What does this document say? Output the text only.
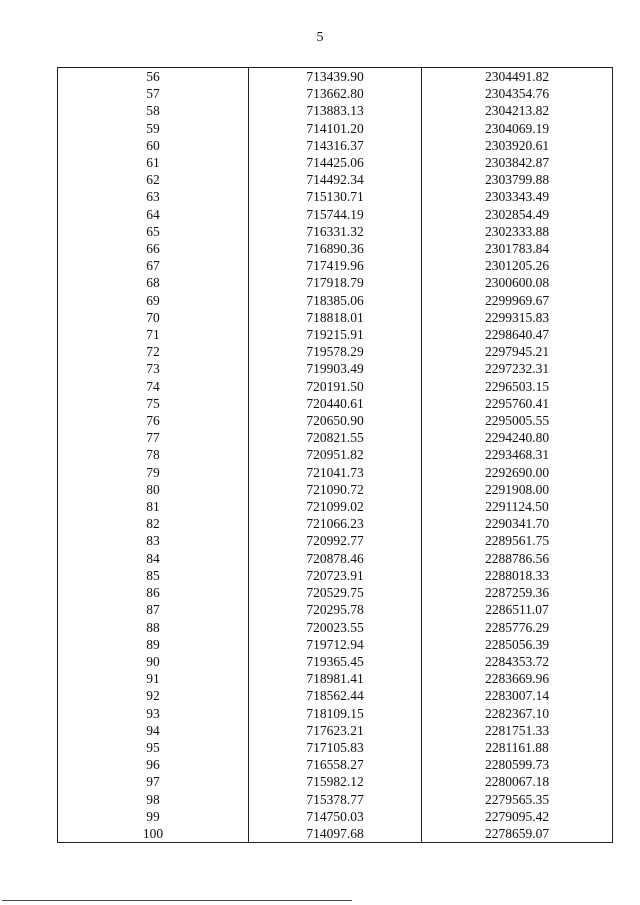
5
56	713439.90	2304491.82
57	713662.80	2304354.76
58	713883.13	2304213.82
59	714101.20	2304069.19
60	714316.37	2303920.61
61	714425.06	2303842.87
62	714492.34	2303799.88
63	715130.71	2303343.49
64	715744.19	2302854.49
65	716331.32	2302333.88
66	716890.36	2301783.84
67	717419.96	2301205.26
68	717918.79	2300600.08
69	718385.06	2299969.67
70	718818.01	2299315.83
71	719215.91	2298640.47
72	719578.29	2297945.21
73	719903.49	2297232.31
74	720191.50	2296503.15
75	720440.61	2295760.41
76	720650.90	2295005.55
77	720821.55	2294240.80
78	720951.82	2293468.31
79	721041.73	2292690.00
80	721090.72	2291908.00
81	721099.02	2291124.50
82	721066.23	2290341.70
83	720992.77	2289561.75
84	720878.46	2288786.56
85	720723.91	2288018.33
86	720529.75	2287259.36
87	720295.78	2286511.07
88	720023.55	2285776.29
89	719712.94	2285056.39
90	719365.45	2284353.72
91	718981.41	2283669.96
92	718562.44	2283007.14
93	718109.15	2282367.10
94	717623.21	2281751.33
95	717105.83	2281161.88
96	716558.27	2280599.73
97	715982.12	2280067.18
98	715378.77	2279565.35
99	714750.03	2279095.42
100	714097.68	2278659.07
